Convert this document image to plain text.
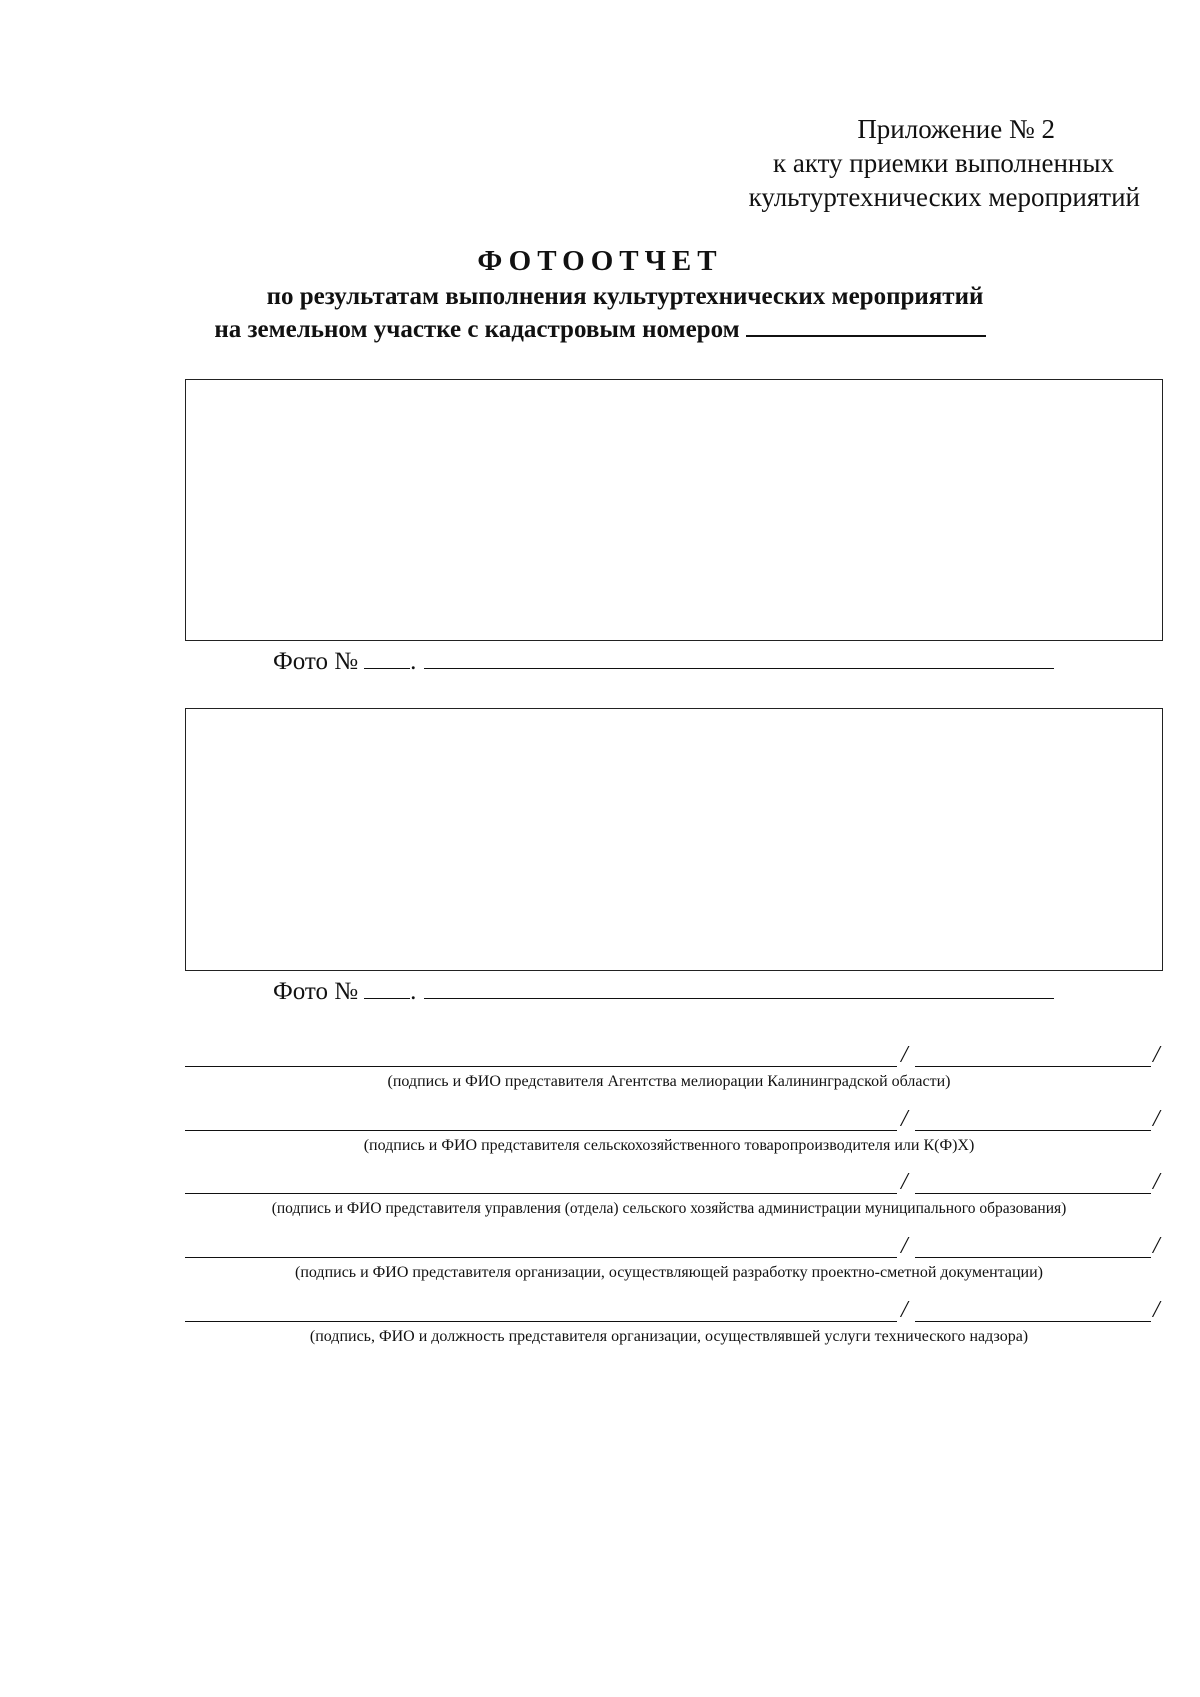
Приложение № 2
к акту приемки выполненных
культуртехнических мероприятий
ФОТООТЧЕТ
по результатам выполнения культуртехнических мероприятий
на земельном участке с кадастровым номером
Фото № .
Фото № .
/	/
(подпись и ФИО представителя Агентства мелиорации Калининградской области)
/	/
(подпись и ФИО представителя сельскохозяйственного товаропроизводителя или К(Ф)Х)
/	/
(подпись и ФИО представителя управления (отдела) сельского хозяйства администрации муниципального образования)
/	/
(подпись и ФИО представителя организации, осуществляющей разработку проектно-сметной документации)
/	/
(подпись, ФИО и должность представителя организации, осуществлявшей услуги технического надзора)
